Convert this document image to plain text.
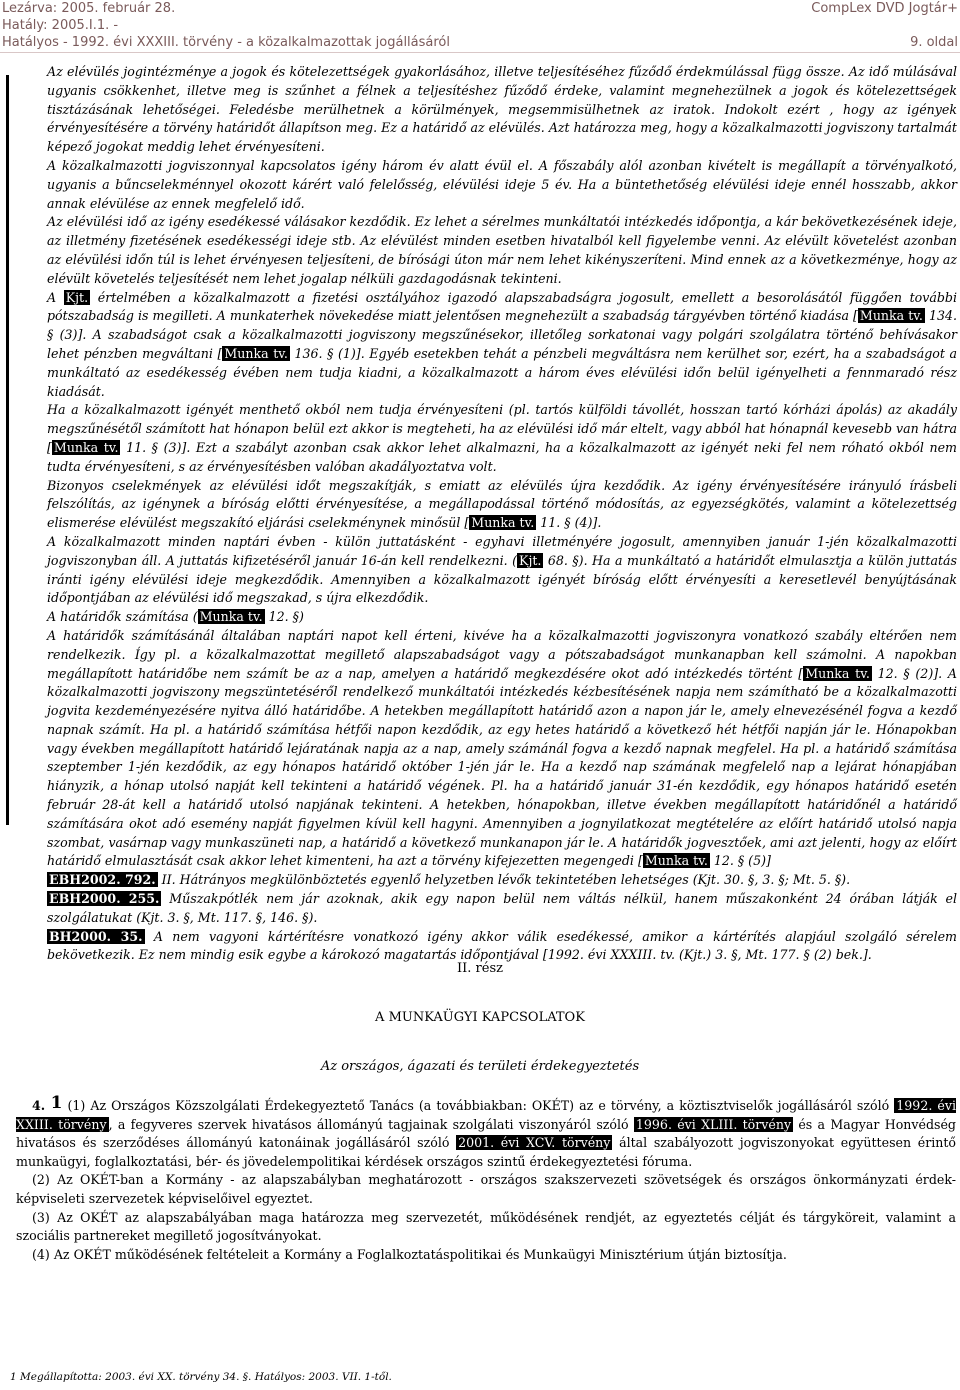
Lezárva: 2005. február 28.	CompLex DVD Jogtár+
Hatály: 2005.I.1. -
Hatályos - 1992. évi XXXIII. törvény - a közalkalmazottak jogállásáról	9. oldal

Az elévülés jogintézménye a jogok és kötelezettségek gyakorlásához, illetve teljesítéséhez fűződő érdekmúlással függ össze. Az idő múlásával ugyanis csökkenhet, illetve meg is szűnhet a félnek a teljesítéshez fűződő érdeke, valamint megnehezülnek a jogok és kötelezettségek tisztázásának lehetőségei. Feledésbe merülhetnek a körülmények, megsemmisülhetnek az iratok. Indokolt ezért , hogy az igények érvényesítésére a törvény határidőt állapítson meg. Ez a határidő az elévülés. Azt határozza meg, hogy a közalkalmazotti jogviszony tartalmát képező jogokat meddig lehet érvényesíteni.

A közalkalmazotti jogviszonnyal kapcsolatos igény három év alatt évül el. A főszabály alól azonban kivételt is megállapít a törvényalkotó, ugyanis a bűncselekménnyel okozott kárért való felelősség, elévülési ideje 5 év. Ha a büntethetőség elévülési ideje ennél hosszabb, akkor annak elévülése az ennek megfelelő idő.

Az elévülési idő az igény esedékessé válásakor kezdődik. Ez lehet a sérelmes munkáltatói intézkedés időpontja, a kár bekövetkezésének ideje, az illetmény fizetésének esedékességi ideje stb. Az elévülést minden esetben hivatalból kell figyelembe venni. Az elévült követelést azonban az elévülési időn túl is lehet érvényesen teljesíteni, de bírósági úton már nem lehet kikényszeríteni. Mind ennek az a következménye, hogy az elévült követelés teljesítését nem lehet jogalap nélküli gazdagodásnak tekinteni.

A Kjt. értelmében a közalkalmazott a fizetési osztályához igazodó alapszabadságra jogosult, emellett a besorolásától függően további pótszabadság is megilleti. A munkaterhek növekedése miatt jelentősen megnehezült a szabadság tárgyévben történő kiadása [ Munka tv. 134. § (3)]. A szabadságot csak a közalkalmazotti jogviszony megszűnésekor, illetőleg sorkatonai vagy polgári szolgálatra történő behívásakor lehet pénzben megváltani [ Munka tv. 136. § (1)]. Egyéb esetekben tehát a pénzbeli megváltásra nem kerülhet sor, ezért, ha a szabadságot a munkáltató az esedékesség évében nem tudja kiadni, a közalkalmazott a három éves elévülési időn belül igényelheti a fennmaradó rész kiadását.

Ha a közalkalmazott igényét menthető okból nem tudja érvényesíteni (pl. tartós külföldi távollét, hosszan tartó kórházi ápolás) az akadály megszűnésétől számított hat hónapon belül ezt akkor is megteheti, ha az elévülési idő már eltelt, vagy abból hat hónapnál kevesebb van hátra [ Munka tv. 11. § (3)]. Ezt a szabályt azonban csak akkor lehet alkalmazni, ha a közalkalmazott az igényét neki fel nem róható okból nem tudta érvényesíteni, s az érvényesítésben valóban akadályoztatva volt.

Bizonyos cselekmények az elévülési időt megszakítják, s emiatt az elévülés újra kezdődik. Az igény érvényesítésére irányuló írásbeli felszólítás, az igénynek a bíróság előtti érvényesítése, a megállapodással történő módosítás, az egyezségkötés, valamint a kötelezettség elismerése elévülést megszakító eljárási cselekménynek minősül [ Munka tv. 11. § (4)].

A közalkalmazott minden naptári évben - külön juttatásként - egyhavi illetményére jogosult, amennyiben január 1-jén közalkalmazotti jogviszonyban áll. A juttatás kifizetéséről január 16-án kell rendelkezni. ( Kjt. 68. §). Ha a munkáltató a határidőt elmulasztja a külön juttatás iránti igény elévülési ideje megkezdődik. Amennyiben a közalkalmazott igényét bíróság előtt érvényesíti a keresetlevél benyújtásának időpontjában az elévülési idő megszakad, s újra elkezdődik.

A határidők számítása ( Munka tv. 12. §)

A határidők számításánál általában naptári napot kell érteni, kivéve ha a közalkalmazotti jogviszonyra vonatkozó szabály eltérően nem rendelkezik. Így pl. a közalkalmazottat megillető alapszabadságot vagy a pótszabadságot munkanapban kell számolni. A napokban megállapított határidőbe nem számít be az a nap, amelyen a határidő megkezdésére okot adó intézkedés történt [ Munka tv. 12. § (2)]. A közalkalmazotti jogviszony megszüntetéséről rendelkező munkáltatói intézkedés kézbesítésének napja nem számítható be a közalkalmazotti jogvita kezdeményezésére nyitva álló határidőbe. A hetekben megállapított határidő azon a napon jár le, amely elnevezésénél fogva a kezdő napnak számít. Ha pl. a határidő számítása hétfői napon kezdődik, az egy hetes határidő a következő hét hétfői napján jár le. Hónapokban vagy években megállapított határidő lejáratának napja az a nap, amely számánál fogva a kezdő napnak megfelel. Ha pl. a határidő számítása szeptember 1-jén kezdődik, az egy hónapos határidő október 1-jén jár le. Ha a kezdő nap számának megfelelő nap a lejárat hónapjában hiányzik, a hónap utolsó napját kell tekinteni a határidő végének. Pl. ha a határidő január 31-én kezdődik, egy hónapos határidő esetén február 28-át kell a határidő utolsó napjának tekinteni. A hetekben, hónapokban, illetve években megállapított határidőnél a határidő számítására okot adó esemény napját figyelmen kívül kell hagyni. Amennyiben a jognyilatkozat megtételére az előírt határidő utolsó napja szombat, vasárnap vagy munkaszüneti nap, a határidő a következő munkanapon jár le. A határidők jogvesztőek, ami azt jelenti, hogy az előírt határidő elmulasztását csak akkor lehet kimenteni, ha azt a törvény kifejezetten megengedi [ Munka tv. 12. § (5)]

EBH2002. 792. II. Hátrányos megkülönböztetés egyenlő helyzetben lévők tekintetében lehetséges (Kjt. 30. §, 3. §; Mt. 5. §).

EBH2000. 255. Műszakpótlék nem jár azoknak, akik egy napon belül nem váltás nélkül, hanem műszakonként 24 órában látják el szolgálatukat (Kjt. 3. §, Mt. 117. §, 146. §).

BH2000. 35. A nem vagyoni kártérítésre vonatkozó igény akkor válik esedékessé, amikor a kártérítés alapjául szolgáló sérelem bekövetkezik. Ez nem mindig esik egybe a károkozó magatartás időpontjával [1992. évi XXXIII. tv. (Kjt.) 3. §, Mt. 177. § (2) bek.].

II. rész
A MUNKAÜGYI KAPCSOLATOK
Az országos, ágazati és területi érdekegyeztetés

4. 1 (1) Az Országos Közszolgálati Érdekegyeztető Tanács (a továbbiakban: OKÉT) az e törvény, a köztisztviselők jogállásáról szóló 1992. évi XXIII. törvény , a fegyveres szervek hivatásos állományú tagjainak szolgálati viszonyáról szóló 1996. évi XLIII. törvény és a Magyar Honvédség hivatásos és szerződéses állományú katonáinak jogállásáról szóló 2001. évi XCV. törvény által szabályozott jogviszonyokat együttesen érintő munkaügyi, foglalkoztatási, bér- és jövedelempolitikai kérdések országos szintű érdekegyeztetési fóruma.

(2) Az OKÉT-ban a Kormány - az alapszabályban meghatározott - országos szakszervezeti szövetségek és országos önkormányzati érdek-képviseleti szervezetek képviselőivel egyeztet.

(3) Az OKÉT az alapszabályában maga határozza meg szervezetét, működésének rendjét, az egyeztetés célját és tárgyköreit, valamint a szociális partnereket megillető jogosítványokat.

(4) Az OKÉT működésének feltételeit a Kormány a Foglalkoztatáspolitikai és Munkaügyi Minisztérium útján biztosítja.

1 Megállapította: 2003. évi XX. törvény 34. §. Hatályos: 2003. VII. 1-től.
